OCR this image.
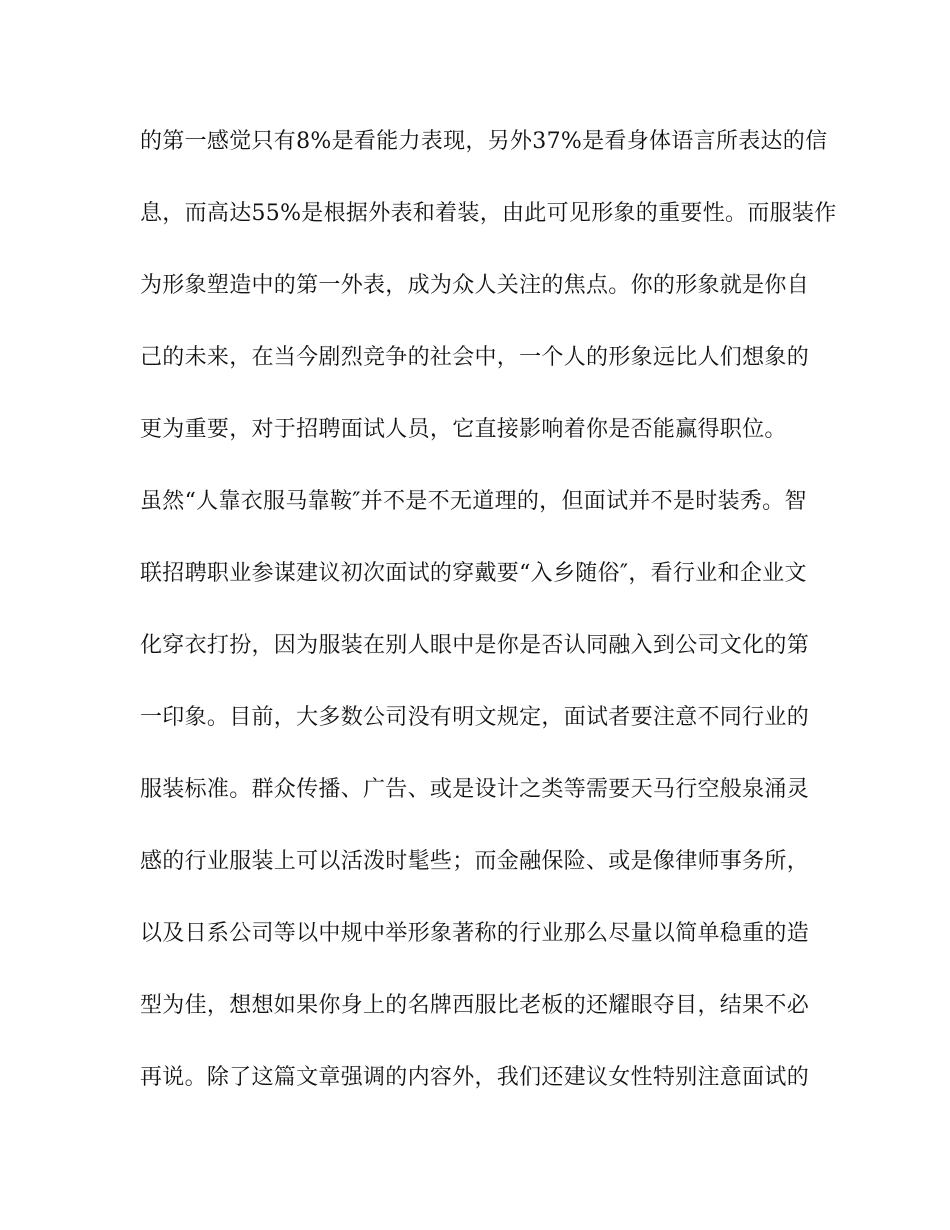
的第一感觉只有8%是看能力表现，另外37%是看身体语言所表达的信
息，而高达55%是根据外表和着装，由此可见形象的重要性。而服装作
为形象塑造中的第一外表，成为众人关注的焦点。你的形象就是你自
己的未来，在当今剧烈竞争的社会中，一个人的形象远比人们想象的
更为重要，对于招聘面试人员，它直接影响着你是否能赢得职位。
虽然“人靠衣服马靠鞍″并不是不无道理的，但面试并不是时装秀。智
联招聘职业参谋建议初次面试的穿戴要“入乡随俗″，看行业和企业文
化穿衣打扮，因为服装在别人眼中是你是否认同融入到公司文化的第
一印象。目前，大多数公司没有明文规定，面试者要注意不同行业的
服装标准。群众传播、广告、或是设计之类等需要天马行空般泉涌灵
感的行业服装上可以活泼时髦些；而金融保险、或是像律师事务所，
以及日系公司等以中规中举形象著称的行业那么尽量以简单稳重的造
型为佳，想想如果你身上的名牌西服比老板的还耀眼夺目，结果不必
再说。除了这篇文章强调的内容外，我们还建议女性特别注意面试的
